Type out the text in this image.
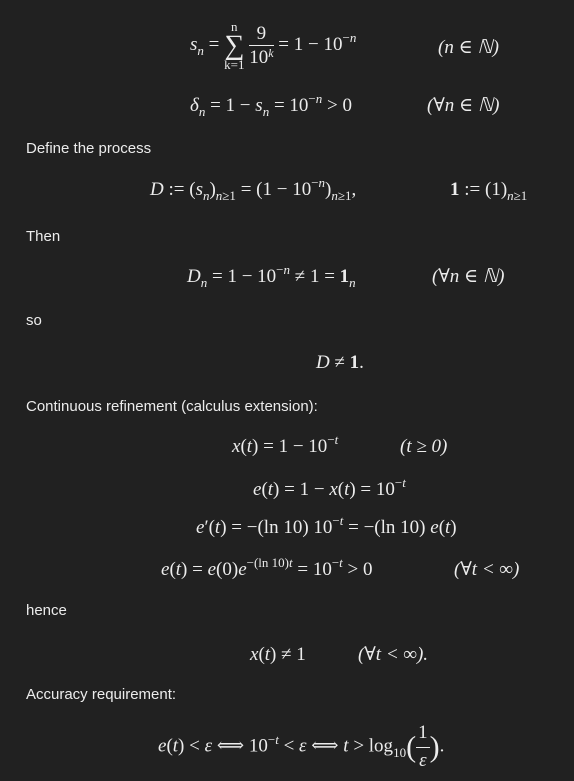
$s_n$ =
n
∑
k=1
$\frac{9}{10^k} = 1 - 10^{-n}$	(n ∈ ℕ)
$\delta_n = 1 - s_n = 10^{-n} > 0$	(∀n ∈ ℕ)
Define the process
D := $(s_n)_{n\ge 1} = (1 - 10^{-n})_{n\ge 1}$,	1 := $(1)_{n\ge 1}$
Then
$D_n = 1 - 10^{-n} \ne 1 = 1_n$	(∀n ∈ ℕ)
so
D ≠ 1.
Continuous refinement (calculus extension):
$x(t) = 1 - 10^{-t}$	(t ≥ 0)
$e(t) = 1 - x(t) = 10^{-t}$
e′(t) = −(ln 10) $10^{-t} = -(\ln$ 10) e(t)
$e(t) = e(0)e^{-(ln 10)t} = 10^{-t} > 0$	(∀t < ∞)
hence
x(t) ≠ 1	(∀t < ∞).
Accuracy requirement:
e(t) < ε ⟺ $10^{-t} < \varepsilon$ ⟺ $t > \log_{10}( \frac{1}{\varepsilon}$ ).
